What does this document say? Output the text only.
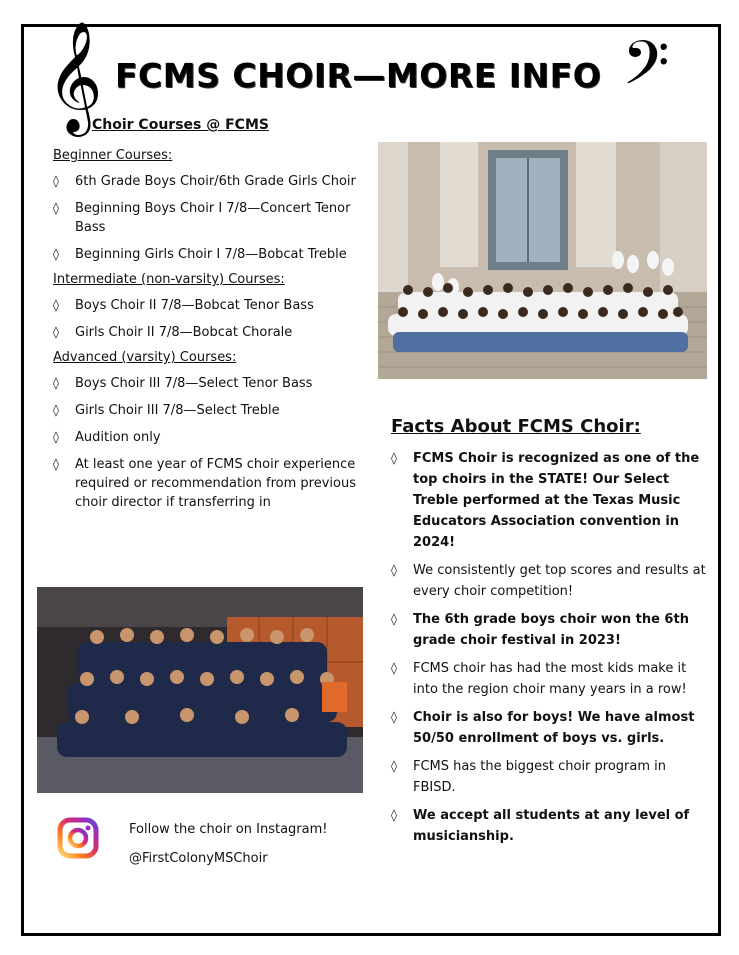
𝄞	𝄢
FCMS CHOIR—MORE INFO
Choir Courses @ FCMS
Beginner Courses:
◊ 6th Grade Boys Choir/6th Grade Girls Choir
◊ Beginning Boys Choir I 7/8—Concert Tenor Bass
◊ Beginning Girls Choir I 7/8—Bobcat Treble
Intermediate (non-varsity) Courses:
◊ Boys Choir II 7/8—Bobcat Tenor Bass
◊ Girls Choir II 7/8—Bobcat Chorale
Advanced (varsity) Courses:
◊ Boys Choir III 7/8—Select Tenor Bass
◊ Girls Choir III 7/8—Select Treble
◊ Audition only
◊ At least one year of FCMS choir experience required or recommendation from previous choir director if transferring in
Facts About FCMS Choir:
◊ FCMS Choir is recognized as one of the top choirs in the STATE! Our Select Treble performed at the Texas Music Educators Association convention in 2024!
◊ We consistently get top scores and results at every choir competition!
◊ The 6th grade boys choir won the 6th grade choir festival in 2023!
◊ FCMS choir has had the most kids make it into the region choir many years in a row!
◊ Choir is also for boys! We have almost 50/50 enrollment of boys vs. girls.
◊ FCMS has the biggest choir program in FBISD.
◊ We accept all students at any level of musicianship.
Follow the choir on Instagram!
@FirstColonyMSChoir
